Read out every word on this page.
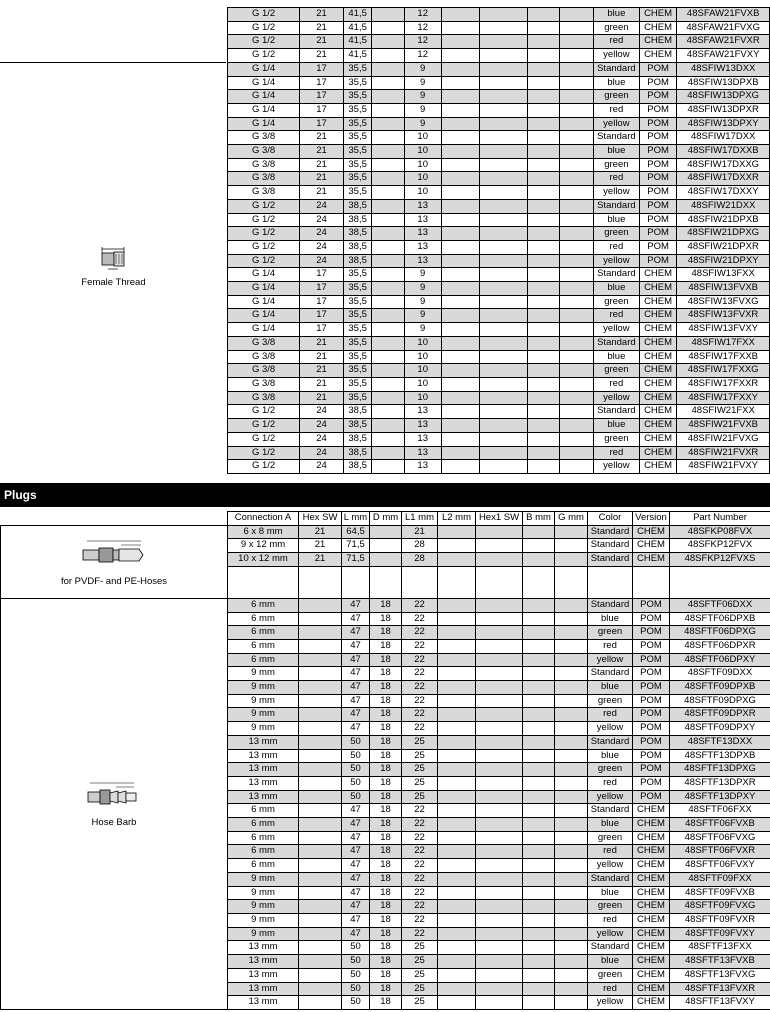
G 1/2	21	41,5		12					blue	CHEM	48SFAW21FVXB
G 1/2	21	41,5		12					green	CHEM	48SFAW21FVXG
G 1/2	21	41,5		12					red	CHEM	48SFAW21FVXR
G 1/2	21	41,5		12					yellow	CHEM	48SFAW21FVXY
G 1/4	17	35,5		9					Standard	POM	48SFIW13DXX
G 1/4	17	35,5		9					blue	POM	48SFIW13DPXB
G 1/4	17	35,5		9					green	POM	48SFIW13DPXG
G 1/4	17	35,5		9					red	POM	48SFIW13DPXR
G 1/4	17	35,5		9					yellow	POM	48SFIW13DPXY
G 3/8	21	35,5		10					Standard	POM	48SFIW17DXX
G 3/8	21	35,5		10					blue	POM	48SFIW17DXXB
G 3/8	21	35,5		10					green	POM	48SFIW17DXXG
G 3/8	21	35,5		10					red	POM	48SFIW17DXXR
G 3/8	21	35,5		10					yellow	POM	48SFIW17DXXY
G 1/2	24	38,5		13					Standard	POM	48SFIW21DXX
G 1/2	24	38,5		13					blue	POM	48SFIW21DPXB
G 1/2	24	38,5		13					green	POM	48SFIW21DPXG
G 1/2	24	38,5		13					red	POM	48SFIW21DPXR
G 1/2	24	38,5		13					yellow	POM	48SFIW21DPXY
G 1/4	17	35,5		9					Standard	CHEM	48SFIW13FXX
G 1/4	17	35,5		9					blue	CHEM	48SFIW13FVXB
G 1/4	17	35,5		9					green	CHEM	48SFIW13FVXG
G 1/4	17	35,5		9					red	CHEM	48SFIW13FVXR
G 1/4	17	35,5		9					yellow	CHEM	48SFIW13FVXY
G 3/8	21	35,5		10					Standard	CHEM	48SFIW17FXX
G 3/8	21	35,5		10					blue	CHEM	48SFIW17FXXB
G 3/8	21	35,5		10					green	CHEM	48SFIW17FXXG
G 3/8	21	35,5		10					red	CHEM	48SFIW17FXXR
G 3/8	21	35,5		10					yellow	CHEM	48SFIW17FXXY
G 1/2	24	38,5		13					Standard	CHEM	48SFIW21FXX
G 1/2	24	38,5		13					blue	CHEM	48SFIW21FVXB
G 1/2	24	38,5		13					green	CHEM	48SFIW21FVXG
G 1/2	24	38,5		13					red	CHEM	48SFIW21FVXR
G 1/2	24	38,5		13					yellow	CHEM	48SFIW21FVXY
Female Thread
Plugs
	Connection A	Hex SW	L mm	D mm	L1 mm	L2 mm	Hex1 SW	B mm	G mm	Color	Version	Part Number

for PVDF- and PE-Hoses	6 x 8 mm	21	64,5		21					Standard	CHEM	48SFKP08FVX
	9 x 12 mm	21	71,5		28					Standard	CHEM	48SFKP12FVX
	10 x 12 mm	21	71,5		28					Standard	CHEM	48SFKP12FVXS

Hose Barb	6 mm		47	18	22					Standard	POM	48SFTF06DXX
	6 mm		47	18	22					blue	POM	48SFTF06DPXB
	6 mm		47	18	22					green	POM	48SFTF06DPXG
	6 mm		47	18	22					red	POM	48SFTF06DPXR
	6 mm		47	18	22					yellow	POM	48SFTF06DPXY
	9 mm		47	18	22					Standard	POM	48SFTF09DXX
	9 mm		47	18	22					blue	POM	48SFTF09DPXB
	9 mm		47	18	22					green	POM	48SFTF09DPXG
	9 mm		47	18	22					red	POM	48SFTF09DPXR
	9 mm		47	18	22					yellow	POM	48SFTF09DPXY
	13 mm		50	18	25					Standard	POM	48SFTF13DXX
	13 mm		50	18	25					blue	POM	48SFTF13DPXB
	13 mm		50	18	25					green	POM	48SFTF13DPXG
	13 mm		50	18	25					red	POM	48SFTF13DPXR
	13 mm		50	18	25					yellow	POM	48SFTF13DPXY
	6 mm		47	18	22					Standard	CHEM	48SFTF06FXX
	6 mm		47	18	22					blue	CHEM	48SFTF06FVXB
	6 mm		47	18	22					green	CHEM	48SFTF06FVXG
	6 mm		47	18	22					red	CHEM	48SFTF06FVXR
	6 mm		47	18	22					yellow	CHEM	48SFTF06FVXY
	9 mm		47	18	22					Standard	CHEM	48SFTF09FXX
	9 mm		47	18	22					blue	CHEM	48SFTF09FVXB
	9 mm		47	18	22					green	CHEM	48SFTF09FVXG
	9 mm		47	18	22					red	CHEM	48SFTF09FVXR
	9 mm		47	18	22					yellow	CHEM	48SFTF09FVXY
	13 mm		50	18	25					Standard	CHEM	48SFTF13FXX
	13 mm		50	18	25					blue	CHEM	48SFTF13FVXB
	13 mm		50	18	25					green	CHEM	48SFTF13FVXG
	13 mm		50	18	25					red	CHEM	48SFTF13FVXR
	13 mm		50	18	25					yellow	CHEM	48SFTF13FVXY
